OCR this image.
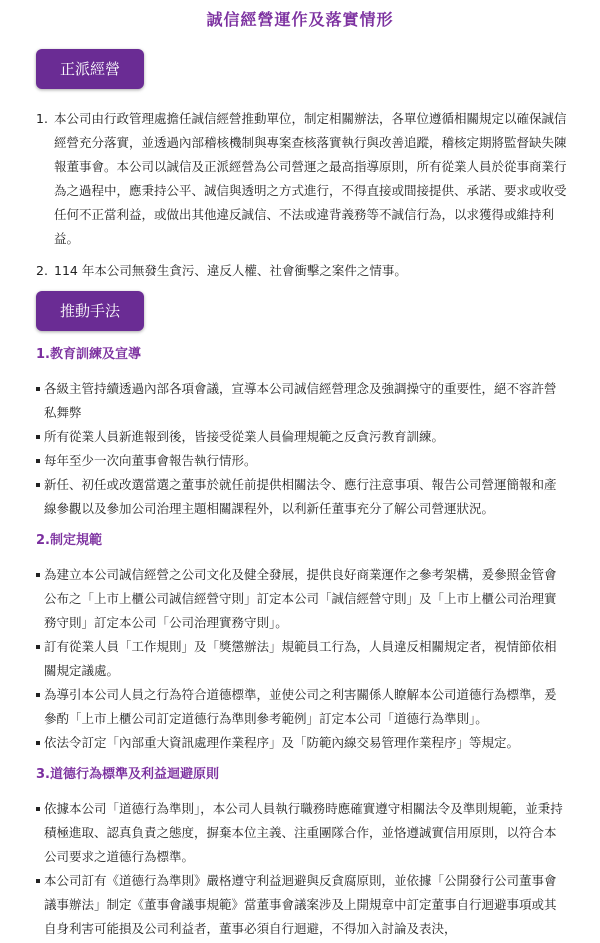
誠信經營運作及落實情形
正派經營
1. 本公司由行政管理處擔任誠信經營推動單位，制定相關辦法，各單位遵循相關規定以確保誠信經營充分落實，並透過內部稽核機制與專案查核落實執行與改善追蹤，稽核定期將監督缺失陳報董事會。本公司以誠信及正派經營為公司營運之最高指導原則，所有從業人員於從事商業行為之過程中，應秉持公平、誠信與透明之方式進行，不得直接或間接提供、承諾、要求或收受任何不正當利益，或做出其他違反誠信、不法或違背義務等不誠信行為，以求獲得或維持利益。
2. 114 年本公司無發生貪污、違反人權、社會衝擊之案件之情事。
推動手法
1.教育訓練及宣導
各級主管持續透過內部各項會議，宣導本公司誠信經營理念及強調操守的重要性，絕不容許營私舞弊
所有從業人員新進報到後，皆接受從業人員倫理規範之反貪污教育訓練。
每年至少一次向董事會報告執行情形。
新任、初任或改選當選之董事於就任前提供相關法令、應行注意事項、報告公司營運簡報和產線參觀以及參加公司治理主題相關課程外，以利新任董事充分了解公司營運狀況。
2.制定規範
為建立本公司誠信經營之公司文化及健全發展，提供良好商業運作之參考架構，爰參照金管會公布之「上市上櫃公司誠信經營守則」訂定本公司「誠信經營守則」及「上市上櫃公司治理實務守則」訂定本公司「公司治理實務守則」。
訂有從業人員「工作規則」及「獎懲辦法」規範員工行為，人員違反相關規定者，視情節依相關規定議處。
為導引本公司人員之行為符合道德標準，並使公司之利害關係人瞭解本公司道德行為標準，爰參酌「上市上櫃公司訂定道德行為準則參考範例」訂定本公司「道德行為準則」。
依法令訂定「內部重大資訊處理作業程序」及「防範內線交易管理作業程序」等規定。
3.道德行為標準及利益迴避原則
依據本公司「道德行為準則」，本公司人員執行職務時應確實遵守相關法令及準則規範，並秉持積極進取、認真負責之態度，摒棄本位主義、注重團隊合作，並恪遵誠實信用原則，以符合本公司要求之道德行為標準。
本公司訂有《道德行為準則》嚴格遵守利益迴避與反貪腐原則，並依據「公開發行公司董事會議事辦法」制定《董事會議事規範》當董事會議案涉及上開規章中訂定董事自行迴避事項或其自身利害可能損及公司利益者，董事必須自行迴避，不得加入討論及表決，
